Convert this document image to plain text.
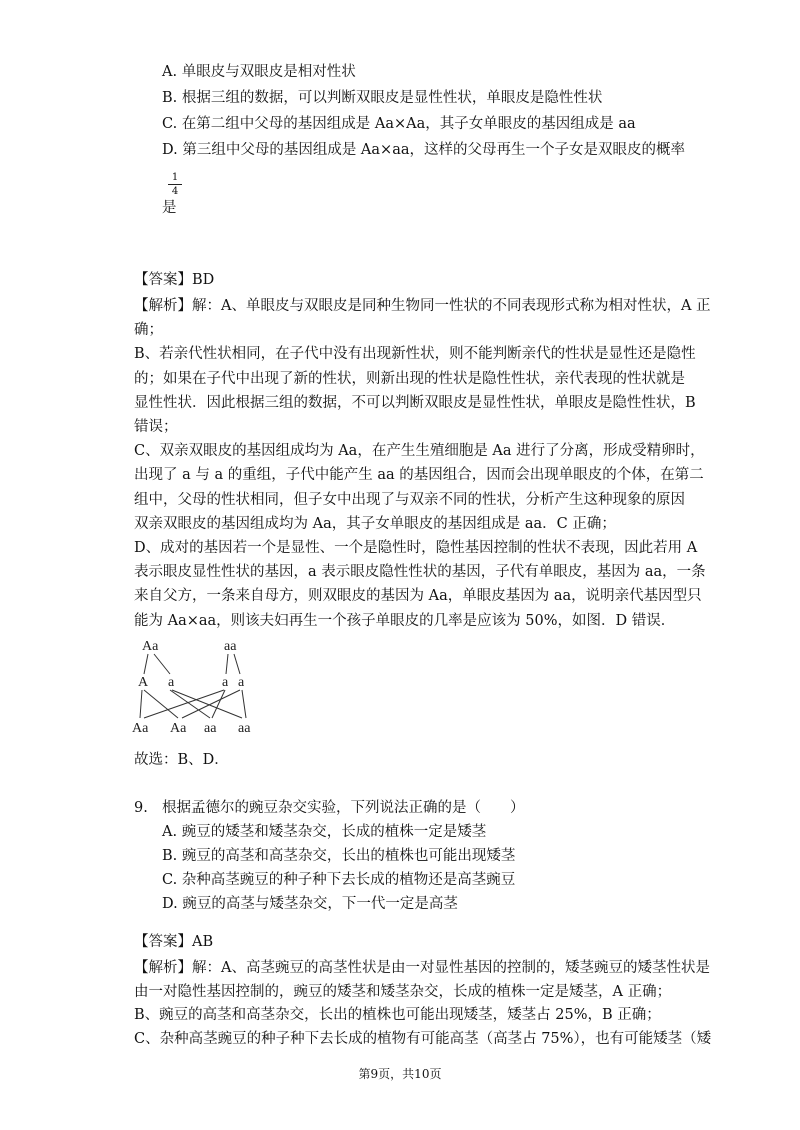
A. 单眼皮与双眼皮是相对性状
B. 根据三组的数据，可以判断双眼皮是显性性状，单眼皮是隐性性状
C. 在第二组中父母的基因组成是 Aa×Aa，其子女单眼皮的基因组成是 aa
D. 第三组中父母的基因组成是 Aa×aa，这样的父母再生一个子女是双眼皮的概率
1
4
是
【答案】BD
【解析】解：A、单眼皮与双眼皮是同种生物同一性状的不同表现形式称为相对性状，A 正
确；
B、若亲代性状相同，在子代中没有出现新性状，则不能判断亲代的性状是显性还是隐性
的；如果在子代中出现了新的性状，则新出现的性状是隐性性状，亲代表现的性状就是
显性性状．因此根据三组的数据，不可以判断双眼皮是显性性状，单眼皮是隐性性状，B
错误；
C、双亲双眼皮的基因组成均为 Aa，在产生生殖细胞是 Aa 进行了分离，形成受精卵时，
出现了 a 与 a 的重组，子代中能产生 aa 的基因组合，因而会出现单眼皮的个体，在第二
组中，父母的性状相同，但子女中出现了与双亲不同的性状，分析产生这种现象的原因
双亲双眼皮的基因组成均为 Aa，其子女单眼皮的基因组成是 aa．C 正确；
D、成对的基因若一个是显性、一个是隐性时，隐性基因控制的性状不表现，因此若用 A
表示眼皮显性性状的基因，a 表示眼皮隐性性状的基因，子代有单眼皮，基因为 aa，一条
来自父方，一条来自母方，则双眼皮的基因为 Aa，单眼皮基因为 aa，说明亲代基因型只
能为 Aa×aa，则该夫妇再生一个孩子单眼皮的几率是应该为 50%，如图．D 错误．
Aa	aa
A a	a a
Aa Aa aa aa
故选：B、D．
9. 根据孟德尔的豌豆杂交实验，下列说法正确的是（　　）
A. 豌豆的矮茎和矮茎杂交，长成的植株一定是矮茎
B. 豌豆的高茎和高茎杂交，长出的植株也可能出现矮茎
C. 杂种高茎豌豆的种子种下去长成的植物还是高茎豌豆
D. 豌豆的高茎与矮茎杂交，下一代一定是高茎
【答案】AB
【解析】解：A、高茎豌豆的高茎性状是由一对显性基因的控制的，矮茎豌豆的矮茎性状是
由一对隐性基因控制的，豌豆的矮茎和矮茎杂交，长成的植株一定是矮茎，A 正确；
B、豌豆的高茎和高茎杂交，长出的植株也可能出现矮茎，矮茎占 25%，B 正确；
C、杂种高茎豌豆的种子种下去长成的植物有可能高茎（高茎占 75%），也有可能矮茎（矮
第9页，共10页
